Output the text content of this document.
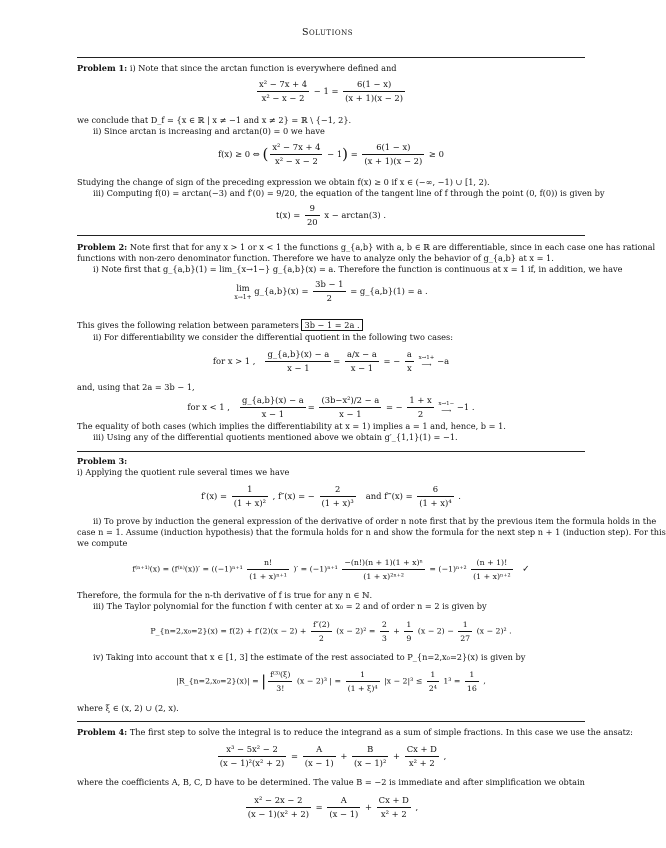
Solutions
Problem 1: i) Note that since the arctan function is everywhere defined and
$\frac{\text{x² − 7x + 4}}{\text{x² − x − 2}} - 1 = \frac{6(1 - x)}{(x + 1)(x - 2)}$
we conclude that D_f = {x ∈ ℝ | x ≠ −1 and x ≠ 2} = ℝ \ {−1, 2}.
ii) Since arctan is increasing and arctan(0) = 0 we have
f(x) ≥ 0 ⇔ ( $\frac{\text{x² − 7x + 4}}{\text{x² − x − 2}} - 1) = \frac{6(1 - x)}{(x + 1)(x - 2)} \ge 0$
Studying the change of sign of the preceding expression we obtain f(x) ≥ 0 if x ∈ (−∞, −1) ∪ [1, 2).
iii) Computing f(0) = arctan(−3) and f′(0) = 9/20, the equation of the tangent line of f through the point (0, f(0)) is given by
$t(x) = \frac{9}{20}$ x − arctan(3) .
Problem 2: Note first that for any x > 1 or x < 1 the functions g_{a,b} with a, b ∈ ℝ are differentiable, since in each case one has rational
functions with non-zero denominator function. Therefore we have to analyze only the behavior of g_{a,b} at x = 1.
i) Note first that g_{a,b}(1) = lim_{x→1−} g_{a,b}(x) = a. Therefore the function is continuous at x = 1 if, in addition, we have
lim
x→1+
g_{a,b}(x) = $\frac{3b - 1}{2}$ = g_{a,b}(1) = a .
This gives the following relation between parameters 3b − 1 = 2a .
ii) For differentiability we consider the differential quotient in the following two cases:
for x > 1 , $\frac{g\_\{a,b\}(x) - a}{x - 1} = \frac{a/x - a}{x - 1}$ = − $\frac{a}{x}$
x→1+
⟶ −a
and, using that 2a = 3b − 1,
for x < 1 , $\frac{g\_\{a,b\}(x) - a}{x - 1} = \frac{\text{(3b−x²)/2 − a}}{x - 1}$ = − $\frac{1 + x}{2}$
x→1−
⟶ −1 .
The equality of both cases (which implies the differentiability at x = 1) implies a = 1 and, hence, b = 1.
iii) Using any of the differential quotients mentioned above we obtain g′_{1,1}(1) = −1.
Problem 3:
i) Applying the quotient rule several times we have
$f'(x) = \frac{1}{\text{(1 + x)²}}$ , f″(x) = − $\frac{2}{\text{(1 + x)³}}$ and f‴(x) = $\frac{6}{\text{(1 + x)⁴}}$ .
ii) To prove by induction the general expression of the derivative of order n note first that by the previous item the formula holds in the
case n = 1. Assume (induction hypothesis) that the formula holds for n and show the formula for the next step n + 1 (induction step). For this
we compute
$f^{(n+1)}(x) = (f^{(n)}(x))' = ((-1)^{n+1} \frac{n!}{\text{(1 + x)ⁿ⁺¹}}$ )′ = $(-1)^{n+1} \frac{\text{−(n!)(n + 1)(1 + x)ⁿ}}{\text{(1 + x)²ⁿ⁺²}} = (-1)^{n+2} \frac{(n + 1)!}{\text{(1 + x)ⁿ⁺²}}$ ✓
Therefore, the formula for the n-th derivative of f is true for any n ∈ ℕ.
iii) The Taylor polynomial for the function f with center at x₀ = 2 and of order n = 2 is given by
P_{n=2,x₀=2}(x) = $f(2) + f'(2)(x - 2) + \frac{f''(2)}{2} (x - 2)^2 = \frac{2}{3} + \frac{1}{9} (x - 2) - \frac{1}{27} (x - 2)^2$ .
iv) Taking into account that x ∈ [1, 3] the estimate of the rest associated to P_{n=2,x₀=2}(x) is given by
|R_{n=2,x₀=2}(x)| = | $\frac{\text{f⁽³⁾(ξ)}}{3!} (x - 2)^3$ | = $\frac{1}{\text{(1 + ξ)⁴}} |x - 2|^3 \le \frac{1}{\text{2⁴}} 1^3 = \frac{1}{16}$ ,
where ξ ∈ (x, 2) ∪ (2, x).
Problem 4: The first step to solve the integral is to reduce the integrand as a sum of simple fractions. In this case we use the ansatz:
$\frac{\text{x³ − 5x² − 2}}{\text{(x − 1)²(x² + 2)}} = \frac{A}{(x - 1)} + \frac{B}{\text{(x − 1)²}} + \frac{Cx + D}{\text{x² + 2}}$ ,
where the coefficients A, B, C, D have to be determined. The value B = −2 is immediate and after simplification we obtain
$\frac{\text{x² − 2x − 2}}{\text{(x − 1)(x² + 2)}} = \frac{A}{(x - 1)} + \frac{Cx + D}{\text{x² + 2}}$ ,
